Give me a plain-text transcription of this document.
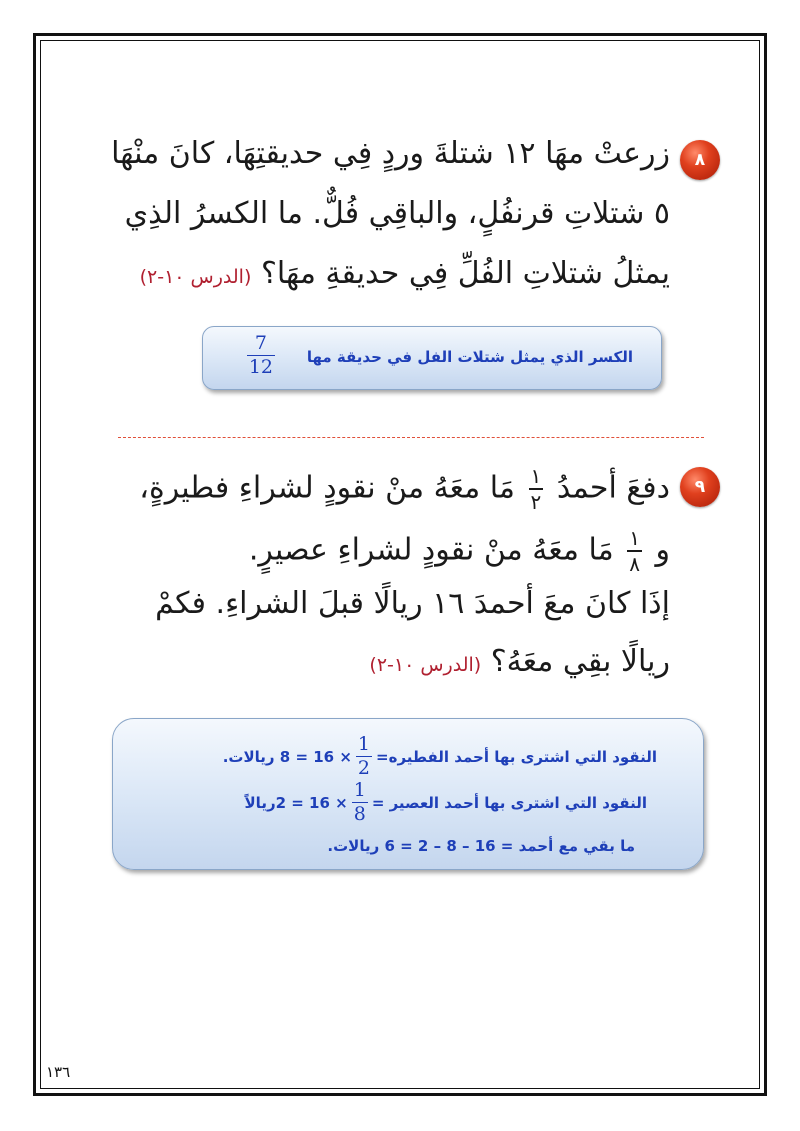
٨
زرعتْ مهَا ١٢ شتلةَ وردٍ فِي حديقتِهَا، كانَ منْهَا
٥ شتلاتِ قرنفُلٍ، والباقِي فُلٌّ. ما الكسرُ الذِي
يمثلُ شتلاتِ الفُلِّ فِي حديقةِ مهَا؟ (الدرس ١٠-٢)
الكسر الذي يمثل شتلات الفل في حديقة مها
$\frac{7}{12}$
٩
دفعَ أحمدُ
$\frac{١}{٢}$
مَا معَهُ منْ نقودٍ لشراءِ فطيرةٍ،
و
$\frac{١}{٨}$
مَا معَهُ منْ نقودٍ لشراءِ عصيرٍ.
إذَا كانَ معَ أحمدَ ١٦ ريالًا قبلَ الشراءِ. فكمْ
ريالًا بقِي معَهُ؟ (الدرس ١٠-٢)
النقود التي اشترى بها أحمد الفطيره=
$\frac{1}{2}$
× 16 = 8 ريالات.
النقود التي اشترى بها أحمد العصير =
$\frac{1}{8}$
× 16 = 2ريالاً
ما بقي مع أحمد = 16 – 8 – 2 = 6 ريالات.
١٣٦
